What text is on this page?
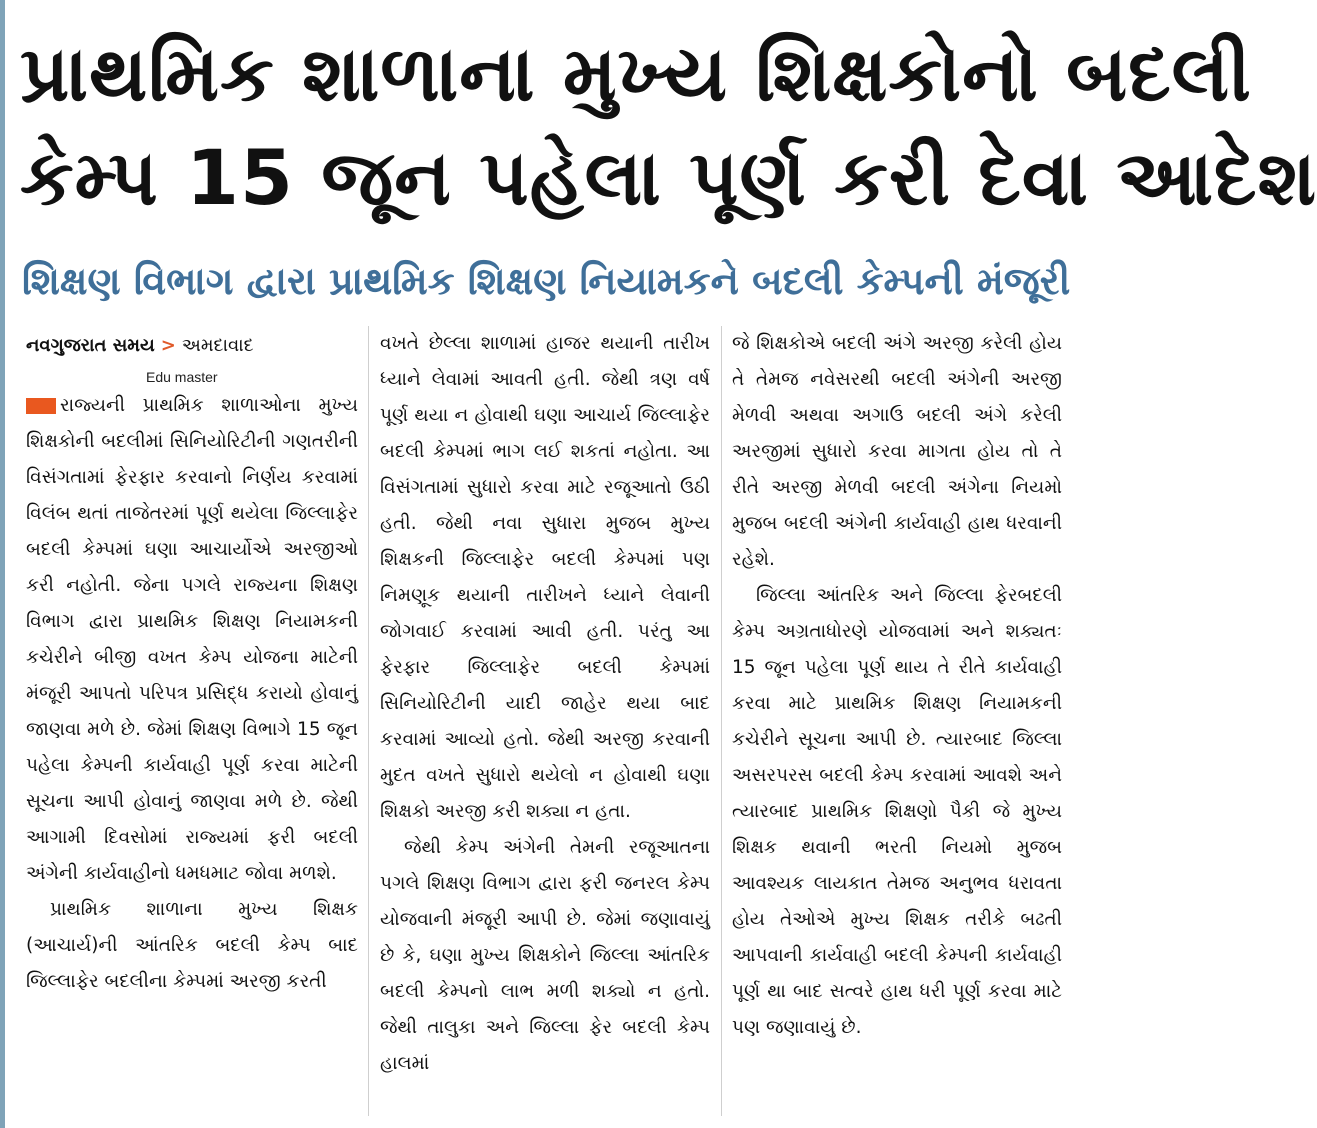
પ્રાથમિક શાળાના મુખ્ય શિક્ષકોનો બદલી
કેમ્પ 15 જૂન પહેલા પૂર્ણ કરી દેવા આદેશ
શિક્ષણ વિભાગ દ્વારા પ્રાથમિક શિક્ષણ નિયામકને બદલી કેમ્પની મંજૂરી
નવગુજરાત સમય > અમદાવાદ
Edu master

રાજ્યની પ્રાથમિક શાળાઓના મુખ્ય શિક્ષકોની બદલીમાં સિનિયોરિટીની ગણતરીની વિસંગતામાં ફેરફાર કરવાનો નિર્ણય કરવામાં વિલંબ થતાં તાજેતરમાં પૂર્ણ થયેલા જિલ્લાફેર બદલી કેમ્પમાં ઘણા આચાર્યોએ અરજીઓ કરી નહોતી. જેના પગલે રાજ્યના શિક્ષણ વિભાગ દ્વારા પ્રાથમિક શિક્ષણ નિયામકની કચેરીને બીજી વખત કેમ્પ યોજના માટેની મંજૂરી આપતો પરિપત્ર પ્રસિદ્ધ કરાયો હોવાનું જાણવા મળે છે. જેમાં શિક્ષણ વિભાગે 15 જૂન પહેલા કેમ્પની કાર્યવાહી પૂર્ણ કરવા માટેની સૂચના આપી હોવાનું જાણવા મળે છે. જેથી આગામી દિવસોમાં રાજ્યમાં ફરી બદલી અંગેની કાર્યવાહીનો ધમધમાટ જોવા મળશે.

પ્રાથમિક શાળાના મુખ્ય શિક્ષક (આચાર્ય)ની આંતરિક બદલી કેમ્પ બાદ જિલ્લાફેર બદલીના કેમ્પમાં અરજી કરતી

વખતે છેલ્લા શાળામાં હાજર થયાની તારીખ ધ્યાને લેવામાં આવતી હતી. જેથી ત્રણ વર્ષ પૂર્ણ થયા ન હોવાથી ઘણા આચાર્ય જિલ્લાફેર બદલી કેમ્પમાં ભાગ લઈ શકતાં નહોતા. આ વિસંગતામાં સુધારો કરવા માટે રજૂઆતો ઉઠી હતી. જેથી નવા સુધારા મુજબ મુખ્ય શિક્ષકની જિલ્લાફેર બદલી કેમ્પમાં પણ નિમણૂક થયાની તારીખને ધ્યાને લેવાની જોગવાઈ કરવામાં આવી હતી. પરંતુ આ ફેરફાર જિલ્લાફેર બદલી કેમ્પમાં સિનિયોરિટીની યાદી જાહેર થયા બાદ કરવામાં આવ્યો હતો. જેથી અરજી કરવાની મુદત વખતે સુધારો થયેલો ન હોવાથી ઘણા શિક્ષકો અરજી કરી શક્યા ન હતા.

જેથી કેમ્પ અંગેની તેમની રજૂઆતના પગલે શિક્ષણ વિભાગ દ્વારા ફરી જનરલ કેમ્પ યોજવાની મંજૂરી આપી છે. જેમાં જણાવાયું છે કે, ઘણા મુખ્ય શિક્ષકોને જિલ્લા આંતરિક બદલી કેમ્પનો લાભ મળી શક્યો ન હતો. જેથી તાલુકા અને જિલ્લા ફેર બદલી કેમ્પ હાલમાં

જે શિક્ષકોએ બદલી અંગે અરજી કરેલી હોય તે તેમજ નવેસરથી બદલી અંગેની અરજી મેળવી અથવા અગાઉ બદલી અંગે કરેલી અરજીમાં સુધારો કરવા માગતા હોય તો તે રીતે અરજી મેળવી બદલી અંગેના નિયમો મુજબ બદલી અંગેની કાર્યવાહી હાથ ધરવાની રહેશે.

જિલ્લા આંતરિક અને જિલ્લા ફેરબદલી કેમ્પ અગ્રતાધોરણે યોજવામાં અને શક્યતઃ 15 જૂન પહેલા પૂર્ણ થાય તે રીતે કાર્યવાહી કરવા માટે પ્રાથમિક શિક્ષણ નિયામકની કચેરીને સૂચના આપી છે. ત્યારબાદ જિલ્લા અસરપરસ બદલી કેમ્પ કરવામાં આવશે અને ત્યારબાદ પ્રાથમિક શિક્ષણો પૈકી જે મુખ્ય શિક્ષક થવાની ભરતી નિયમો મુજબ આવશ્યક લાયકાત તેમજ અનુભવ ધરાવતા હોય તેઓએ મુખ્ય શિક્ષક તરીકે બઢતી આપવાની કાર્યવાહી બદલી કેમ્પની કાર્યવાહી પૂર્ણ થા બાદ સત્વરે હાથ ધરી પૂર્ણ કરવા માટે પણ જણાવાયું છે.
